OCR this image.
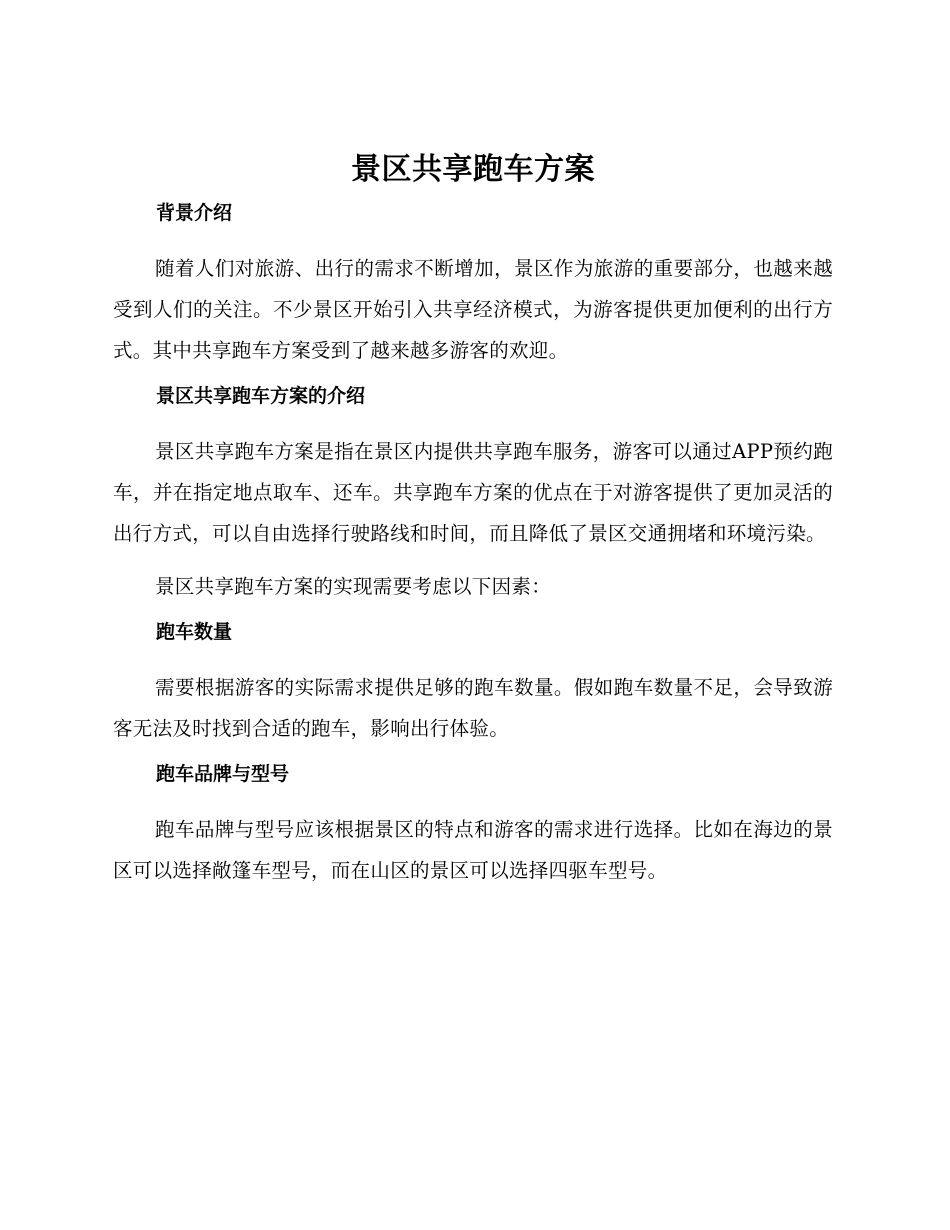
景区共享跑车方案
背景介绍

随着人们对旅游、出行的需求不断增加，景区作为旅游的重要部分，也越来越受到人们的关注。不少景区开始引入共享经济模式，为游客提供更加便利的出行方式。其中共享跑车方案受到了越来越多游客的欢迎。

景区共享跑车方案的介绍

景区共享跑车方案是指在景区内提供共享跑车服务，游客可以通过APP预约跑车，并在指定地点取车、还车。共享跑车方案的优点在于对游客提供了更加灵活的出行方式，可以自由选择行驶路线和时间，而且降低了景区交通拥堵和环境污染。

景区共享跑车方案的实现需要考虑以下因素：

跑车数量

需要根据游客的实际需求提供足够的跑车数量。假如跑车数量不足，会导致游客无法及时找到合适的跑车，影响出行体验。

跑车品牌与型号

跑车品牌与型号应该根据景区的特点和游客的需求进行选择。比如在海边的景区可以选择敞篷车型号，而在山区的景区可以选择四驱车型号。
